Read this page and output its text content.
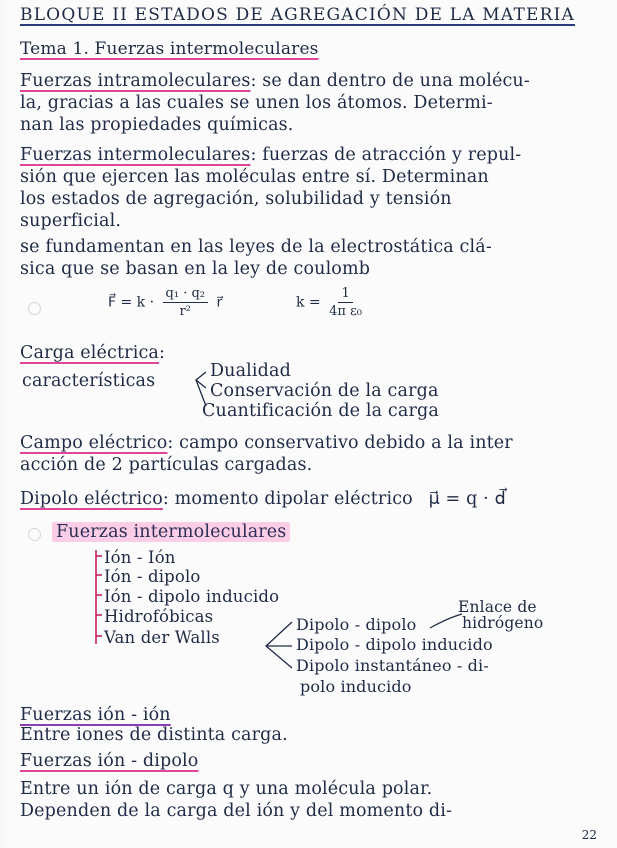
BLOQUE II ESTADOS DE AGREGACIÓN DE LA MATERIA
Tema 1. Fuerzas intermoleculares
Fuerzas intramoleculares: se dan dentro de una molécu-
la, gracias a las cuales se unen los átomos. Determi-
nan las propiedades químicas.
Fuerzas intermoleculares: fuerzas de atracción y repul-
sión que ejercen las moléculas entre sí. Determinan
los estados de agregación, solubilidad y tensión
superficial.
se fundamentan en las leyes de la electrostática clá-
sica que se basan en la ley de coulomb
F⃗ = $k \cdot \frac{\text{q₁ · q₂}}{\text{r²}}$ r⃗	$k = \frac{1}{\text{4π ε₀}}$
Carga eléctrica:
características	Dualidad
Conservación de la carga
Cuantificación de la carga
Campo eléctrico: campo conservativo debido a la inter
acción de 2 partículas cargadas.
Dipolo eléctrico: momento dipolar eléctrico μ⃗ = q · d⃗
Fuerzas intermoleculares
Ión - Ión
Ión - dipolo
Ión - dipolo inducido
Hidrofóbicas
Van der Walls
Dipolo - dipolo
Dipolo - dipolo inducido
Dipolo instantáneo - di-
polo inducido
Enlace de
hidrógeno
Fuerzas ión - ión
Entre iones de distinta carga.
Fuerzas ión - dipolo
Entre un ión de carga q y una molécula polar.
Dependen de la carga del ión y del momento di-
22
